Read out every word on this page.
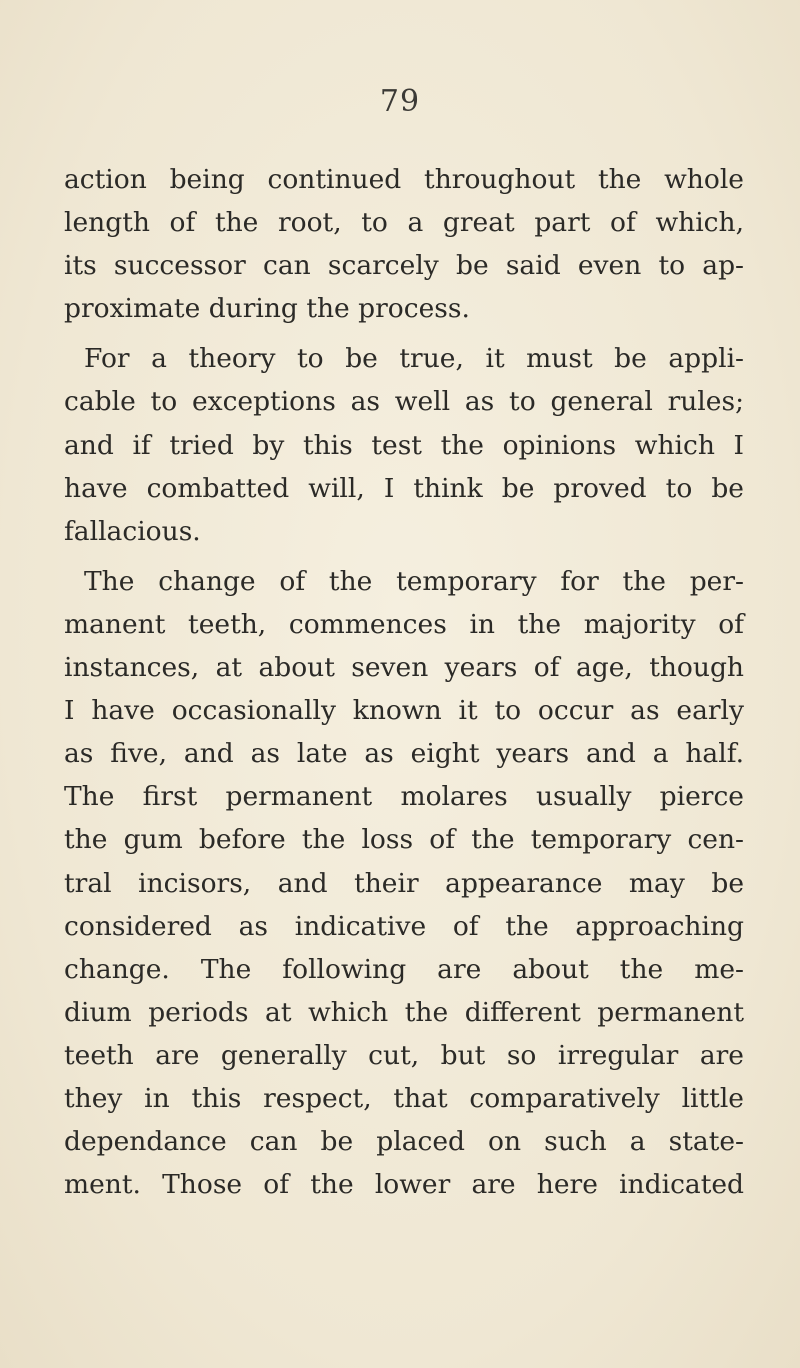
79
action being continued throughout the whole
length of the root, to a great part of which,
its successor can scarcely be said even to ap-
proximate during the process.
For a theory to be true, it must be appli-
cable to exceptions as well as to general rules;
and if tried by this test the opinions which I
have combatted will, I think be proved to be
fallacious.
The change of the temporary for the per-
manent teeth, commences in the majority of
instances, at about seven years of age, though
I have occasionally known it to occur as early
as five, and as late as eight years and a half.
The first permanent molares usually pierce
the gum before the loss of the temporary cen-
tral incisors, and their appearance may be
considered as indicative of the approaching
change. The following are about the me-
dium periods at which the different permanent
teeth are generally cut, but so irregular are
they in this respect, that comparatively little
dependance can be placed on such a state-
ment. Those of the lower are here indicated
